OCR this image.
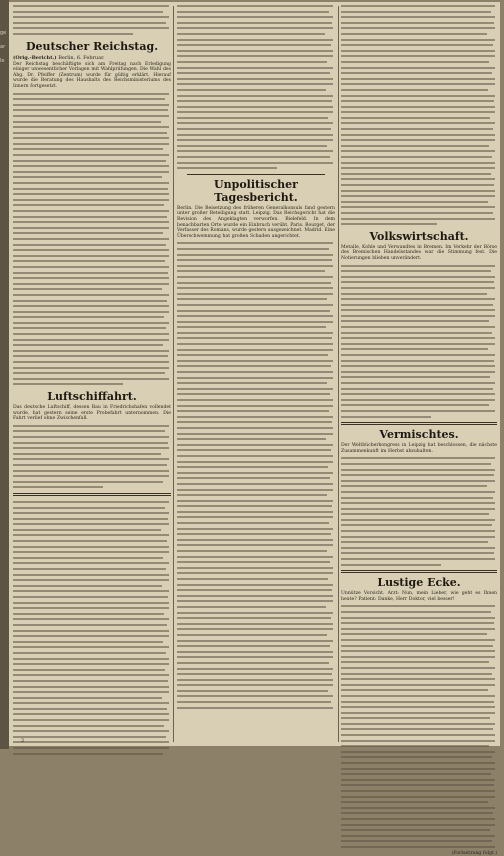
ge
ar
le
Deutscher Reichstag.
(Orig.-Bericht.) Berlin, 6. Februar.

Der Reichstag beschäftigte sich am Freitag nach Erledigung einiger unwesentlicher Vorlagen mit Wahlprüfungen. Die Wahl des Abg. Dr. Pfeiffer (Zentrum) wurde für gültig erklärt. Hierauf wurde die Beratung des Haushalts des Reichsministeriums des Innern fortgesetzt.

Luftschiffahrt.

Das deutsche Luftschiff, dessen Bau in Friedrichshafen vollendet wurde, hat gestern seine erste Probefahrt unternommen. Die Fahrt verlief ohne Zwischenfall.

Unpolitischer Tagesbericht.

Berlin. Die Beisetzung des früheren Generalkonsuls fand gestern unter großer Beteiligung statt. Leipzig. Das Reichsgericht hat die Revision des Angeklagten verworfen. Bielefeld. In dem benachbarten Orte wurde ein Einbruch verübt. Paris. Bourget, der Verfasser des Romans, wurde gestern ausgezeichnet. Madrid. Eine Überschwemmung hat großen Schaden angerichtet.	Volkswirtschaft.

Metalle, Kohle und Verwandtes in Bremen. Im Verkehr der Börse des Bremischen Handelsstandes war die Stimmung fest. Die Notierungen blieben unverändert.

Vermischtes.

Der Weltbücherkongress in Leipzig hat beschlossen, die nächste Zusammenkunft im Herbst abzuhalten.

Lustige Ecke.

Unnütze Vorsicht. Arzt: Nun, mein Lieber, wie geht es Ihnen heute? Patient: Danke, Herr Doktor, viel besser!

(Fortsetzung folgt.)

2
